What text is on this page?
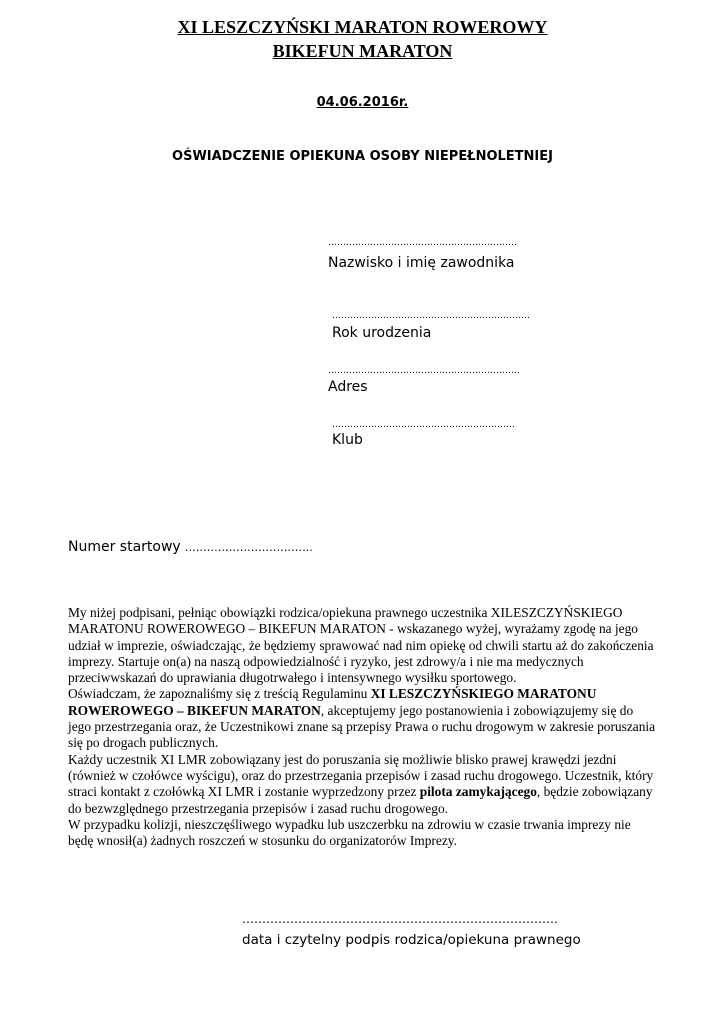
XI LESZCZYŃSKI MARATON ROWEROWY
BIKEFUN MARATON
04.06.2016r.
OŚWIADCZENIE OPIEKUNA OSOBY NIEPEŁNOLETNIEJ
………………………………………………………
Nazwisko i imię zawodnika
…………………………………………………………
Rok urodzenia
……………………………………………………….
Adres
…………………………………………………….
Klub
Numer startowy ……………………………..
My niżej podpisani, pełniąc obowiązki rodzica/opiekuna prawnego uczestnika XILESZCZYŃSKIEGO MARATONU ROWEROWEGO – BIKEFUN MARATON - wskazanego wyżej, wyrażamy zgodę na jego udział w imprezie, oświadczając, że będziemy sprawować nad nim opiekę od chwili startu aż do zakończenia imprezy. Startuje on(a) na naszą odpowiedzialność i ryzyko, jest zdrowy/a i nie ma medycznych przeciwwskazań do uprawiania długotrwałego i intensywnego wysiłku sportowego.
Oświadczam, że zapoznaliśmy się z treścią Regulaminu XI LESZCZYŃSKIEGO MARATONU ROWEROWEGO – BIKEFUN MARATON, akceptujemy jego postanowienia i zobowiązujemy się do jego przestrzegania oraz, że Uczestnikowi znane są przepisy Prawa o ruchu drogowym w zakresie poruszania się po drogach publicznych.
Każdy uczestnik XI LMR zobowiązany jest do poruszania się możliwie blisko prawej krawędzi jezdni (również w czołówce wyścigu), oraz do przestrzegania przepisów i zasad ruchu drogowego. Uczestnik, który straci kontakt z czołówką XI LMR i zostanie wyprzedzony przez pilota zamykającego, będzie zobowiązany do bezwzględnego przestrzegania przepisów i zasad ruchu drogowego.
W przypadku kolizji, nieszczęśliwego wypadku lub uszczerbku na zdrowiu w czasie trwania imprezy nie będę wnosił(a) żadnych roszczeń w stosunku do organizatorów Imprezy.
…………………………………………………………………….
data i czytelny podpis rodzica/opiekuna prawnego
